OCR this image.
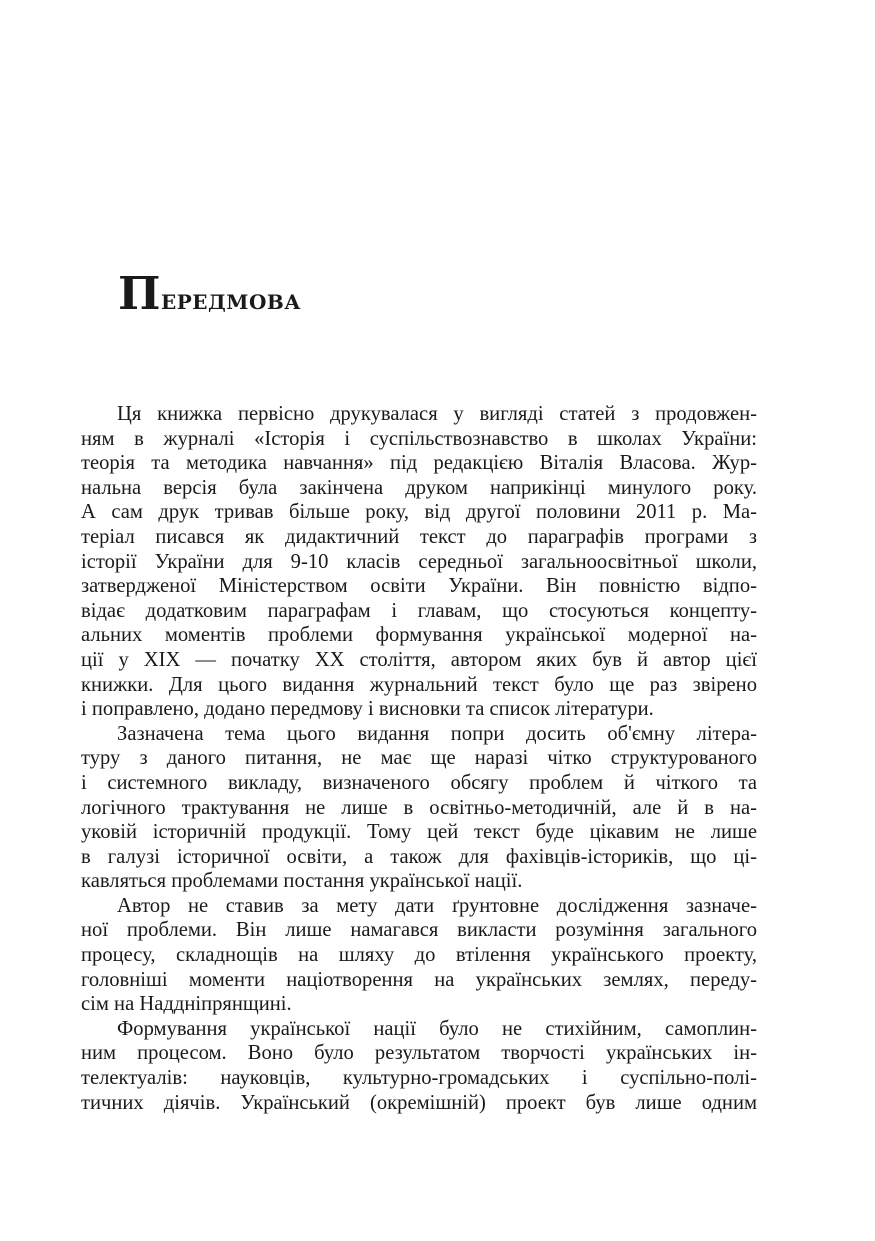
Передмова
Ця книжка первісно друкувалася у вигляді статей з продовжен-
ням в журналі «Історія і суспільствознавство в школах України:
теорія та методика навчання» під редакцією Віталія Власова. Жур-
нальна версія була закінчена друком наприкінці минулого року.
А сам друк тривав більше року, від другої половини 2011 р. Ма-
теріал писався як дидактичний текст до параграфів програми з
історії України для 9-10 класів середньої загальноосвітньої школи,
затвердженої Міністерством освіти України. Він повністю відпо-
відає додатковим параграфам і главам, що стосуються концепту-
альних моментів проблеми формування української модерної на-
ції у XIX — початку XX століття, автором яких був й автор цієї
книжки. Для цього видання журнальний текст було ще раз звірено
і поправлено, додано передмову і висновки та список літератури.
Зазначена тема цього видання попри досить об'ємну літера-
туру з даного питання, не має ще наразі чітко структурованого
і системного викладу, визначеного обсягу проблем й чіткого та
логічного трактування не лише в освітньо-методичній, але й в на-
уковій історичній продукції. Тому цей текст буде цікавим не лише
в галузі історичної освіти, а також для фахівців-істориків, що ці-
кавляться проблемами постання української нації.
Автор не ставив за мету дати ґрунтовне дослідження зазначе-
ної проблеми. Він лише намагався викласти розуміння загального
процесу, складнощів на шляху до втілення українського проекту,
головніші моменти націотворення на українських землях, переду-
сім на Наддніпрянщині.
Формування української нації було не стихійним, самоплин-
ним процесом. Воно було результатом творчості українських ін-
телектуалів: науковців, культурно-громадських і суспільно-полі-
тичних діячів. Український (окремішній) проект був лише одним
